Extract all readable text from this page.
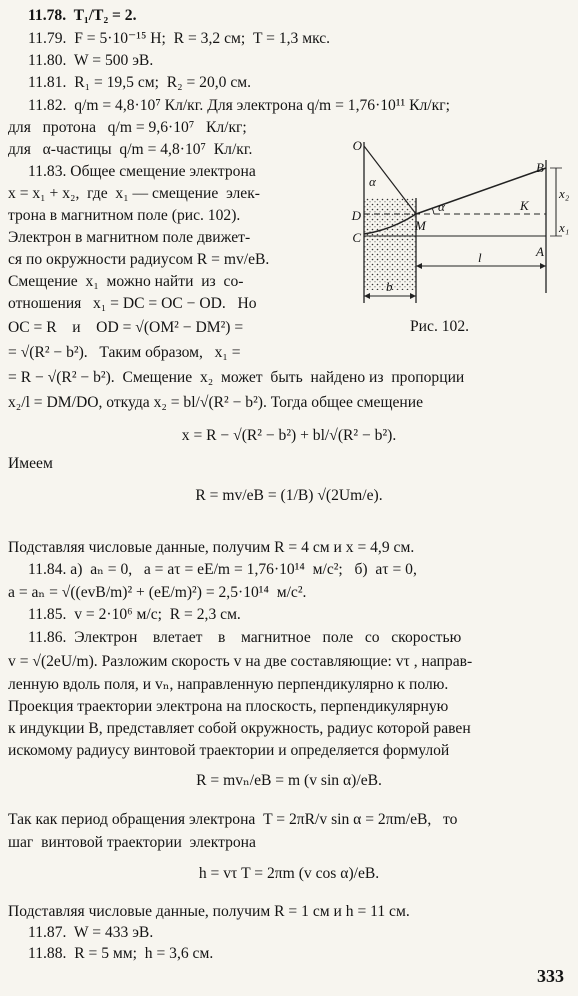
11.78.  T₁/T₂ = 2.
11.79.  F = 5·10⁻¹⁵ Н;  R = 3,2 см;  T = 1,3 мкс.
11.80.  W = 500 эВ.
11.81.  R₁ = 19,5 см;  R₂ = 20,0 см.
11.82.  q/m = 4,8·10⁷ Кл/кг. Для электрона q/m = 1,76·10¹¹ Кл/кг;
для   протона   q/m = 9,6·10⁷   Кл/кг;
для   α-частицы  q/m = 4,8·10⁷  Кл/кг.
11.83. Общее смещение электрона
x = x₁ + x₂,  где  x₁ — смещение  элек-
трона в магнитном поле (рис. 102).
Электрон в магнитном поле движет-
ся по окружности радиусом R = mv/eB.
Смещение  x₁  можно найти  из  со-
отношения   x₁ = DC = OC − OD.   Но
OC = R    и    OD = √(OM² − DM²) =
= √(R² − b²).   Таким образом,   x₁ =
= R − √(R² − b²).  Смещение  x₂  может  быть  найдено из  пропорции
x₂/l = DM/DO, откуда x₂ = bl/√(R² − b²). Тогда общее смещение
x = R − √(R² − b²) + bl/√(R² − b²).
Имеем
R = mv/eB = (1/B) √(2Um/e).
Подставляя числовые данные, получим R = 4 см и x = 4,9 см.
11.84. а)  aₙ = 0,   a = aτ = eE/m = 1,76·10¹⁴  м/с²;   б)  aτ = 0,
a = aₙ = √((evB/m)² + (eE/m)²) = 2,5·10¹⁴  м/с².
11.85.  v = 2·10⁶ м/с;  R = 2,3 см.
11.86.  Электрон    влетает    в    магнитное   поле   со   скоростью
v = √(2eU/m). Разложим скорость v на две составляющие: vτ , направ-
ленную вдоль поля, и vₙ, направленную перпендикулярно к полю.
Проекция траектории электрона на плоскость, перпендикулярную
к индукции B, представляет собой окружность, радиус которой равен
искомому радиусу винтовой траектории и определяется формулой
R = mvₙ/eB = m (v sin α)/eB.
Так как период обращения электрона  T = 2πR/v sin α = 2πm/eB,   то
шаг  винтовой траектории  электрона
h = vτ T = 2πm (v cos α)/eB.
Подставляя числовые данные, получим R = 1 см и h = 11 см.
11.87.  W = 433 эВ.
11.88.  R = 5 мм;  h = 3,6 см.
O
B
D
C
M
K
A
α
α
b
l
x₂
x₁
Рис. 102.
333
